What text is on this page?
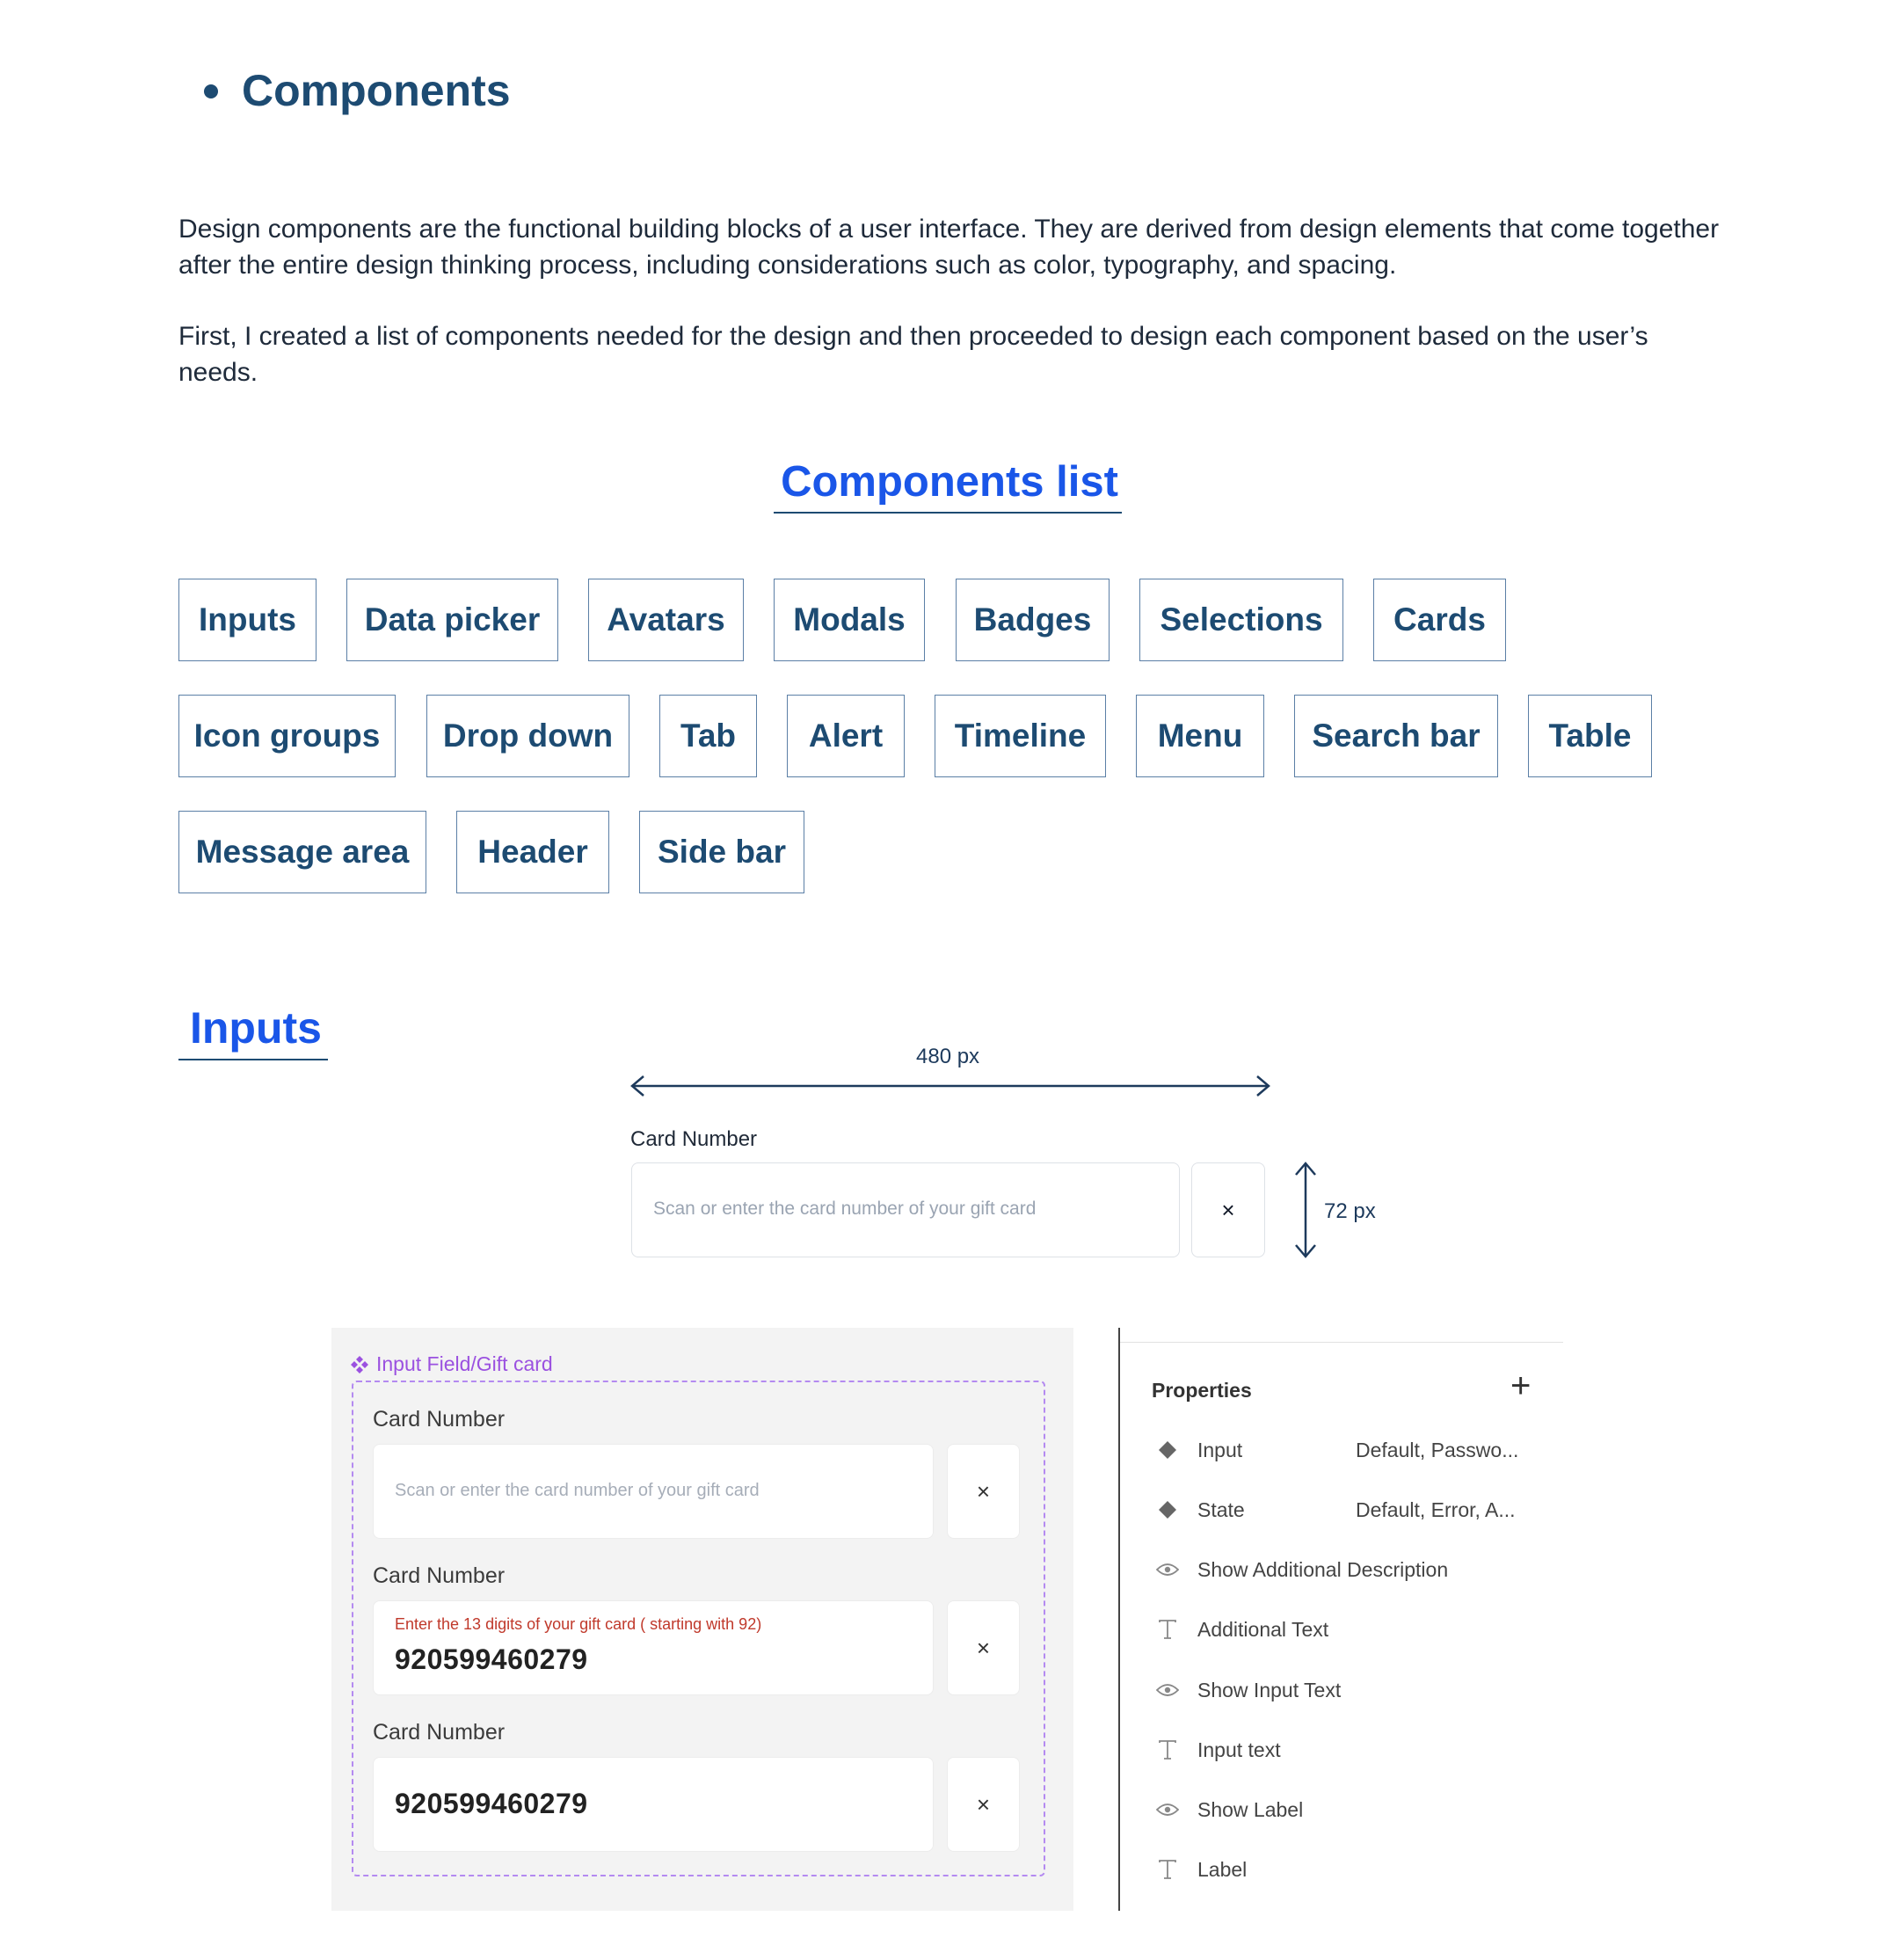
Components
Design components are the functional building blocks of a user interface. They are derived from design elements that come together after the entire design thinking process, including considerations such as color, typography, and spacing.
First, I created a list of components needed for the design and then proceeded to design each component based on the user’s needs.
Components list
Inputs	Data picker	Avatars	Modals	Badges	Selections	Cards
Icon groups	Drop down	Tab	Alert	Timeline	Menu	Search bar	Table
Message area	Header	Side bar
Inputs
480 px
Card Number
Scan or enter the card number of your gift card	×	72 px
Input Field/Gift card
Card Number
Scan or enter the card number of your gift card	×
Card Number
Enter the 13 digits of your gift card ( starting with 92)
920599460279	×
Card Number
920599460279	×
Properties	+
Input	Default, Passwo...
State	Default, Error, A...
Show Additional Description
Additional Text
Show Input Text
Input text
Show Label
Label
